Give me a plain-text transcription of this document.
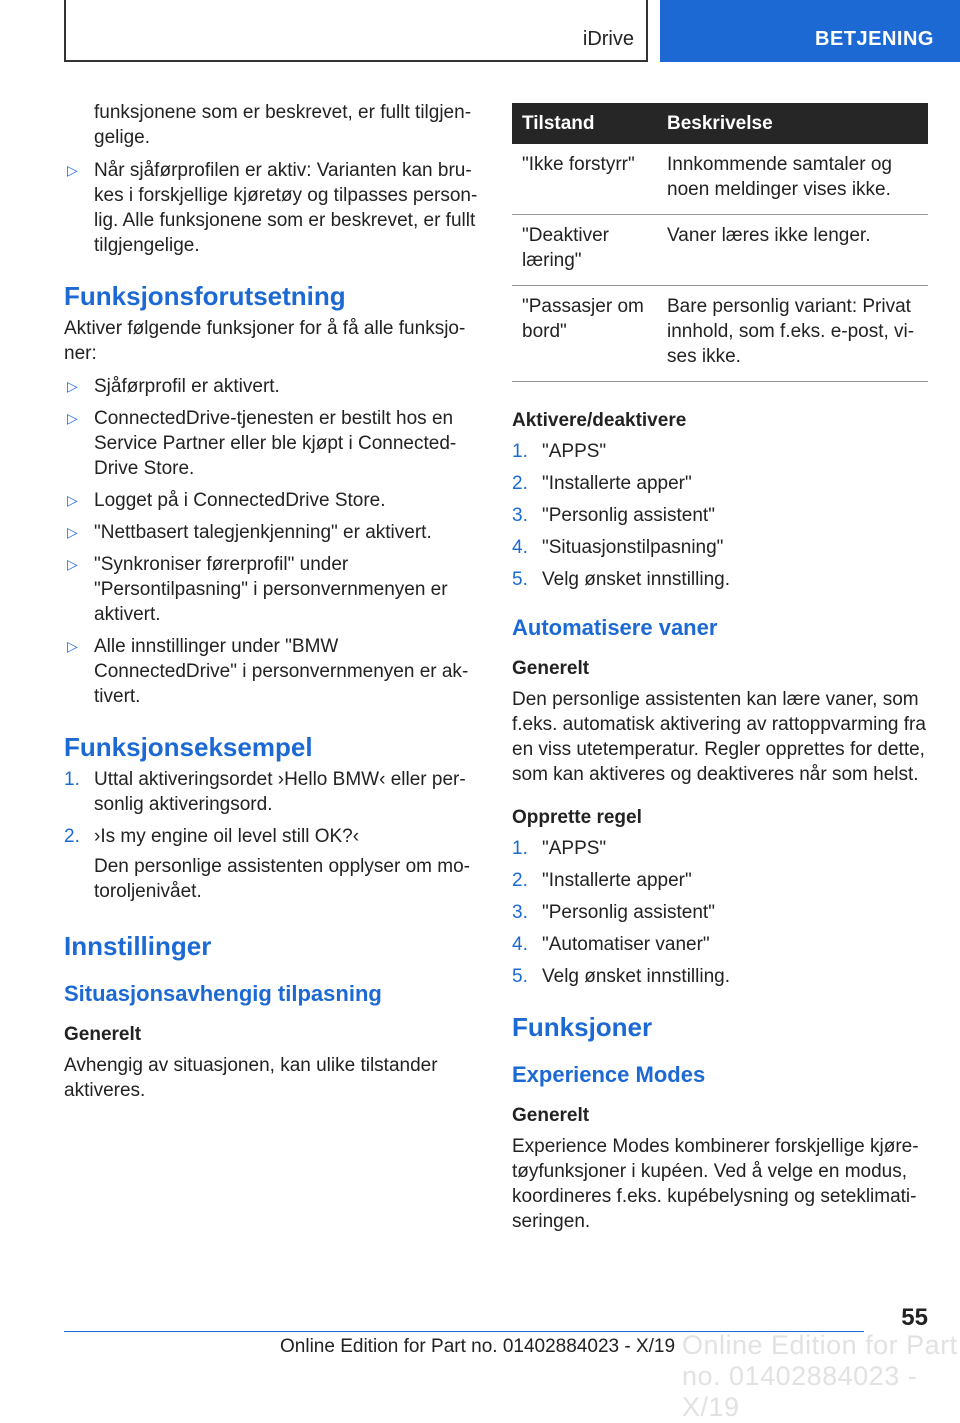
iDrive	BETJENING

funksjonene som er beskrevet, er fullt tilgjengelige.

▷ Når sjåførprofilen er aktiv: Varianten kan brukes i forskjellige kjøretøy og tilpasses personlig. Alle funksjonene som er beskrevet, er fullt tilgjengelige.
Funksjonsforutsetning

Aktiver følgende funksjoner for å få alle funksjoner:

▷ Sjåførprofil er aktivert.
▷ ConnectedDrive-tjenesten er bestilt hos en Service Partner eller ble kjøpt i ConnectedDrive Store.
▷ Logget på i ConnectedDrive Store.
▷ "Nettbasert talegjenkjenning" er aktivert.
▷ "Synkroniser førerprofil" under "Persontilpasning" i personvernmenyen er aktivert.
▷ Alle innstillinger under "BMW ConnectedDrive" i personvernmenyen er aktivert.
Funksjonseksempel
1. Uttal aktiveringsordet ›Hello BMW‹ eller personlig aktiveringsord.
2. ›Is my engine oil level still OK?‹

Den personlige assistenten opplyser om motoroljenivået.

Innstillinger
Situasjonsavhengig tilpasning
Generelt

Avhengig av situasjonen, kan ulike tilstander aktiveres.

Tilstand	Beskrivelse
"Ikke forstyrr"	Innkommende samtaler og noen meldinger vises ikke.
"Deaktiver læring"	Vaner læres ikke lenger.
"Passasjer om bord"	Bare personlig variant: Privat innhold, som f.eks. e-post, vises ikke.
Aktivere/deaktivere
1. "APPS"
2. "Installerte apper"
3. "Personlig assistent"
4. "Situasjonstilpasning"
5. Velg ønsket innstilling.
Automatisere vaner
Generelt

Den personlige assistenten kan lære vaner, som f.eks. automatisk aktivering av rattoppvarming fra en viss utetemperatur. Regler opprettes for dette, som kan aktiveres og deaktiveres når som helst.

Opprette regel
1. "APPS"
2. "Installerte apper"
3. "Personlig assistent"
4. "Automatiser vaner"
5. Velg ønsket innstilling.
Funksjoner
Experience Modes
Generelt

Experience Modes kombinerer forskjellige kjøretøyfunksjoner i kupéen. Ved å velge en modus, koordineres f.eks. kupébelysning og seteklimatiseringen.

55
Online Edition for Part no. 01402884023 - X/19 Online Edition for Part no. 01402884023 - X/19
